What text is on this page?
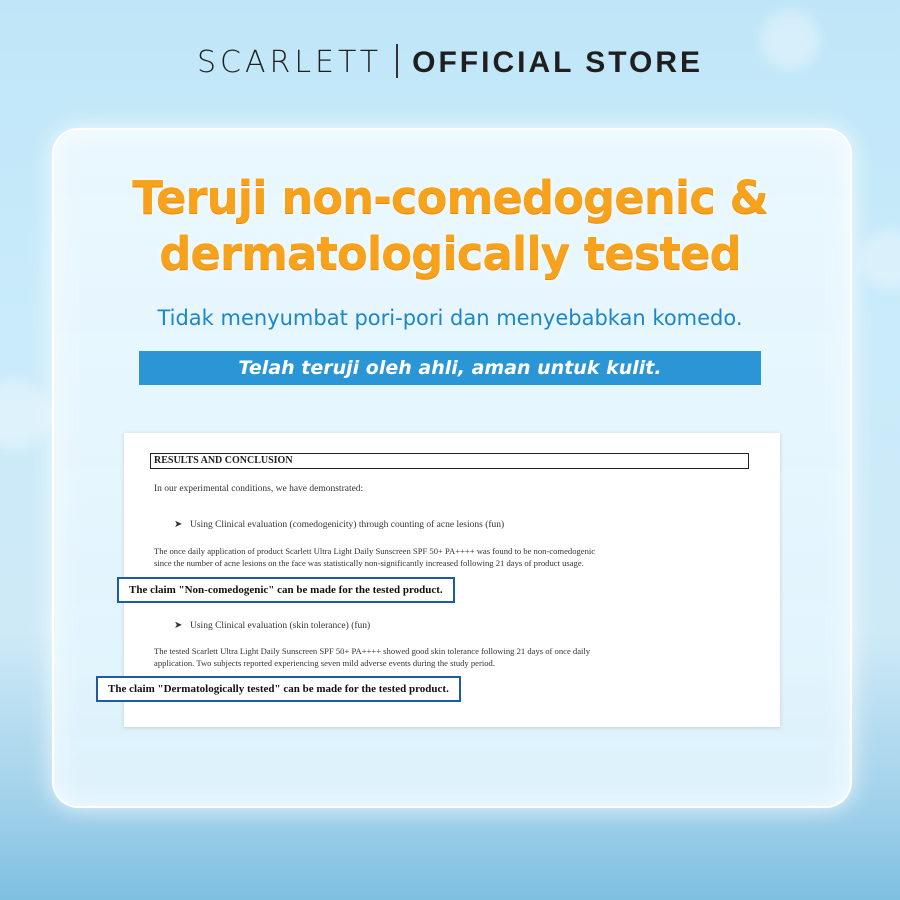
SCARLETT OFFICIAL STORE
Teruji non-comedogenic &
dermatologically tested
Tidak menyumbat pori-pori dan menyebabkan komedo.
Telah teruji oleh ahli, aman untuk kulit.
RESULTS AND CONCLUSION
In our experimental conditions, we have demonstrated:
➤ Using Clinical evaluation (comedogenicity) through counting of acne lesions (fun)
The once daily application of product Scarlett Ultra Light Daily Sunscreen SPF 50+ PA++++ was found to be non-comedogenic
since the number of acne lesions on the face was statistically non-significantly increased following 21 days of product usage.
➤ Using Clinical evaluation (skin tolerance) (fun)
The tested Scarlett Ultra Light Daily Sunscreen SPF 50+ PA++++ showed good skin tolerance following 21 days of once daily
application. Two subjects reported experiencing seven mild adverse events during the study period.
The claim "Non-comedogenic" can be made for the tested product.
The claim "Dermatologically tested" can be made for the tested product.
